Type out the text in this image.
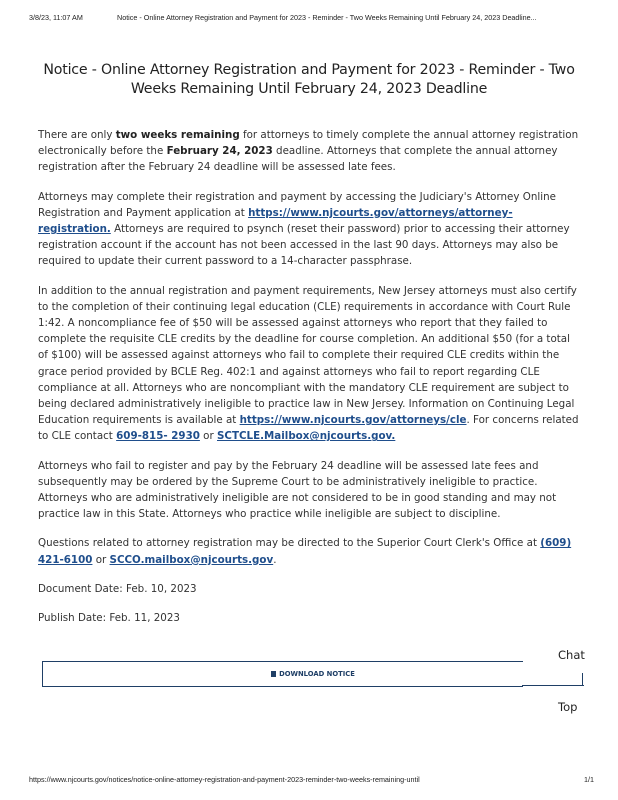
3/8/23, 11:07 AM	Notice - Online Attorney Registration and Payment for 2023 - Reminder - Two Weeks Remaining Until February 24, 2023 Deadline...
Notice - Online Attorney Registration and Payment for 2023 - Reminder - Two Weeks Remaining Until February 24, 2023 Deadline

There are only two weeks remaining for attorneys to timely complete the annual attorney registration electronically before the February 24, 2023 deadline. Attorneys that complete the annual attorney registration after the February 24 deadline will be assessed late fees.

Attorneys may complete their registration and payment by accessing the Judiciary's Attorney Online Registration and Payment application at https://www.njcourts.gov/attorneys/attorney-registration. Attorneys are required to psynch (reset their password) prior to accessing their attorney registration account if the account has not been accessed in the last 90 days. Attorneys may also be required to update their current password to a 14-character passphrase.

In addition to the annual registration and payment requirements, New Jersey attorneys must also certify to the completion of their continuing legal education (CLE) requirements in accordance with Court Rule 1:42. A noncompliance fee of $50 will be assessed against attorneys who report that they failed to complete the requisite CLE credits by the deadline for course completion. An additional $50 (for a total of $100) will be assessed against attorneys who fail to complete their required CLE credits within the grace period provided by BCLE Reg. 402:1 and against attorneys who fail to report regarding CLE compliance at all. Attorneys who are noncompliant with the mandatory CLE requirement are subject to being declared administratively ineligible to practice law in New Jersey. Information on Continuing Legal Education requirements is available at https://www.njcourts.gov/attorneys/cle. For concerns related to CLE contact 609-815- 2930 or SCTCLE.Mailbox@njcourts.gov.

Attorneys who fail to register and pay by the February 24 deadline will be assessed late fees and subsequently may be ordered by the Supreme Court to be administratively ineligible to practice. Attorneys who are administratively ineligible are not considered to be in good standing and may not practice law in this State. Attorneys who practice while ineligible are subject to discipline.

Questions related to attorney registration may be directed to the Superior Court Clerk's Office at (609) 421-6100 or SCCO.mailbox@njcourts.gov.

Document Date: Feb. 10, 2023

Publish Date: Feb. 11, 2023

Chat
DOWNLOAD NOTICE
Top
https://www.njcourts.gov/notices/notice-online-attorney-registration-and-payment-2023-reminder-two-weeks-remaining-until	1/1
